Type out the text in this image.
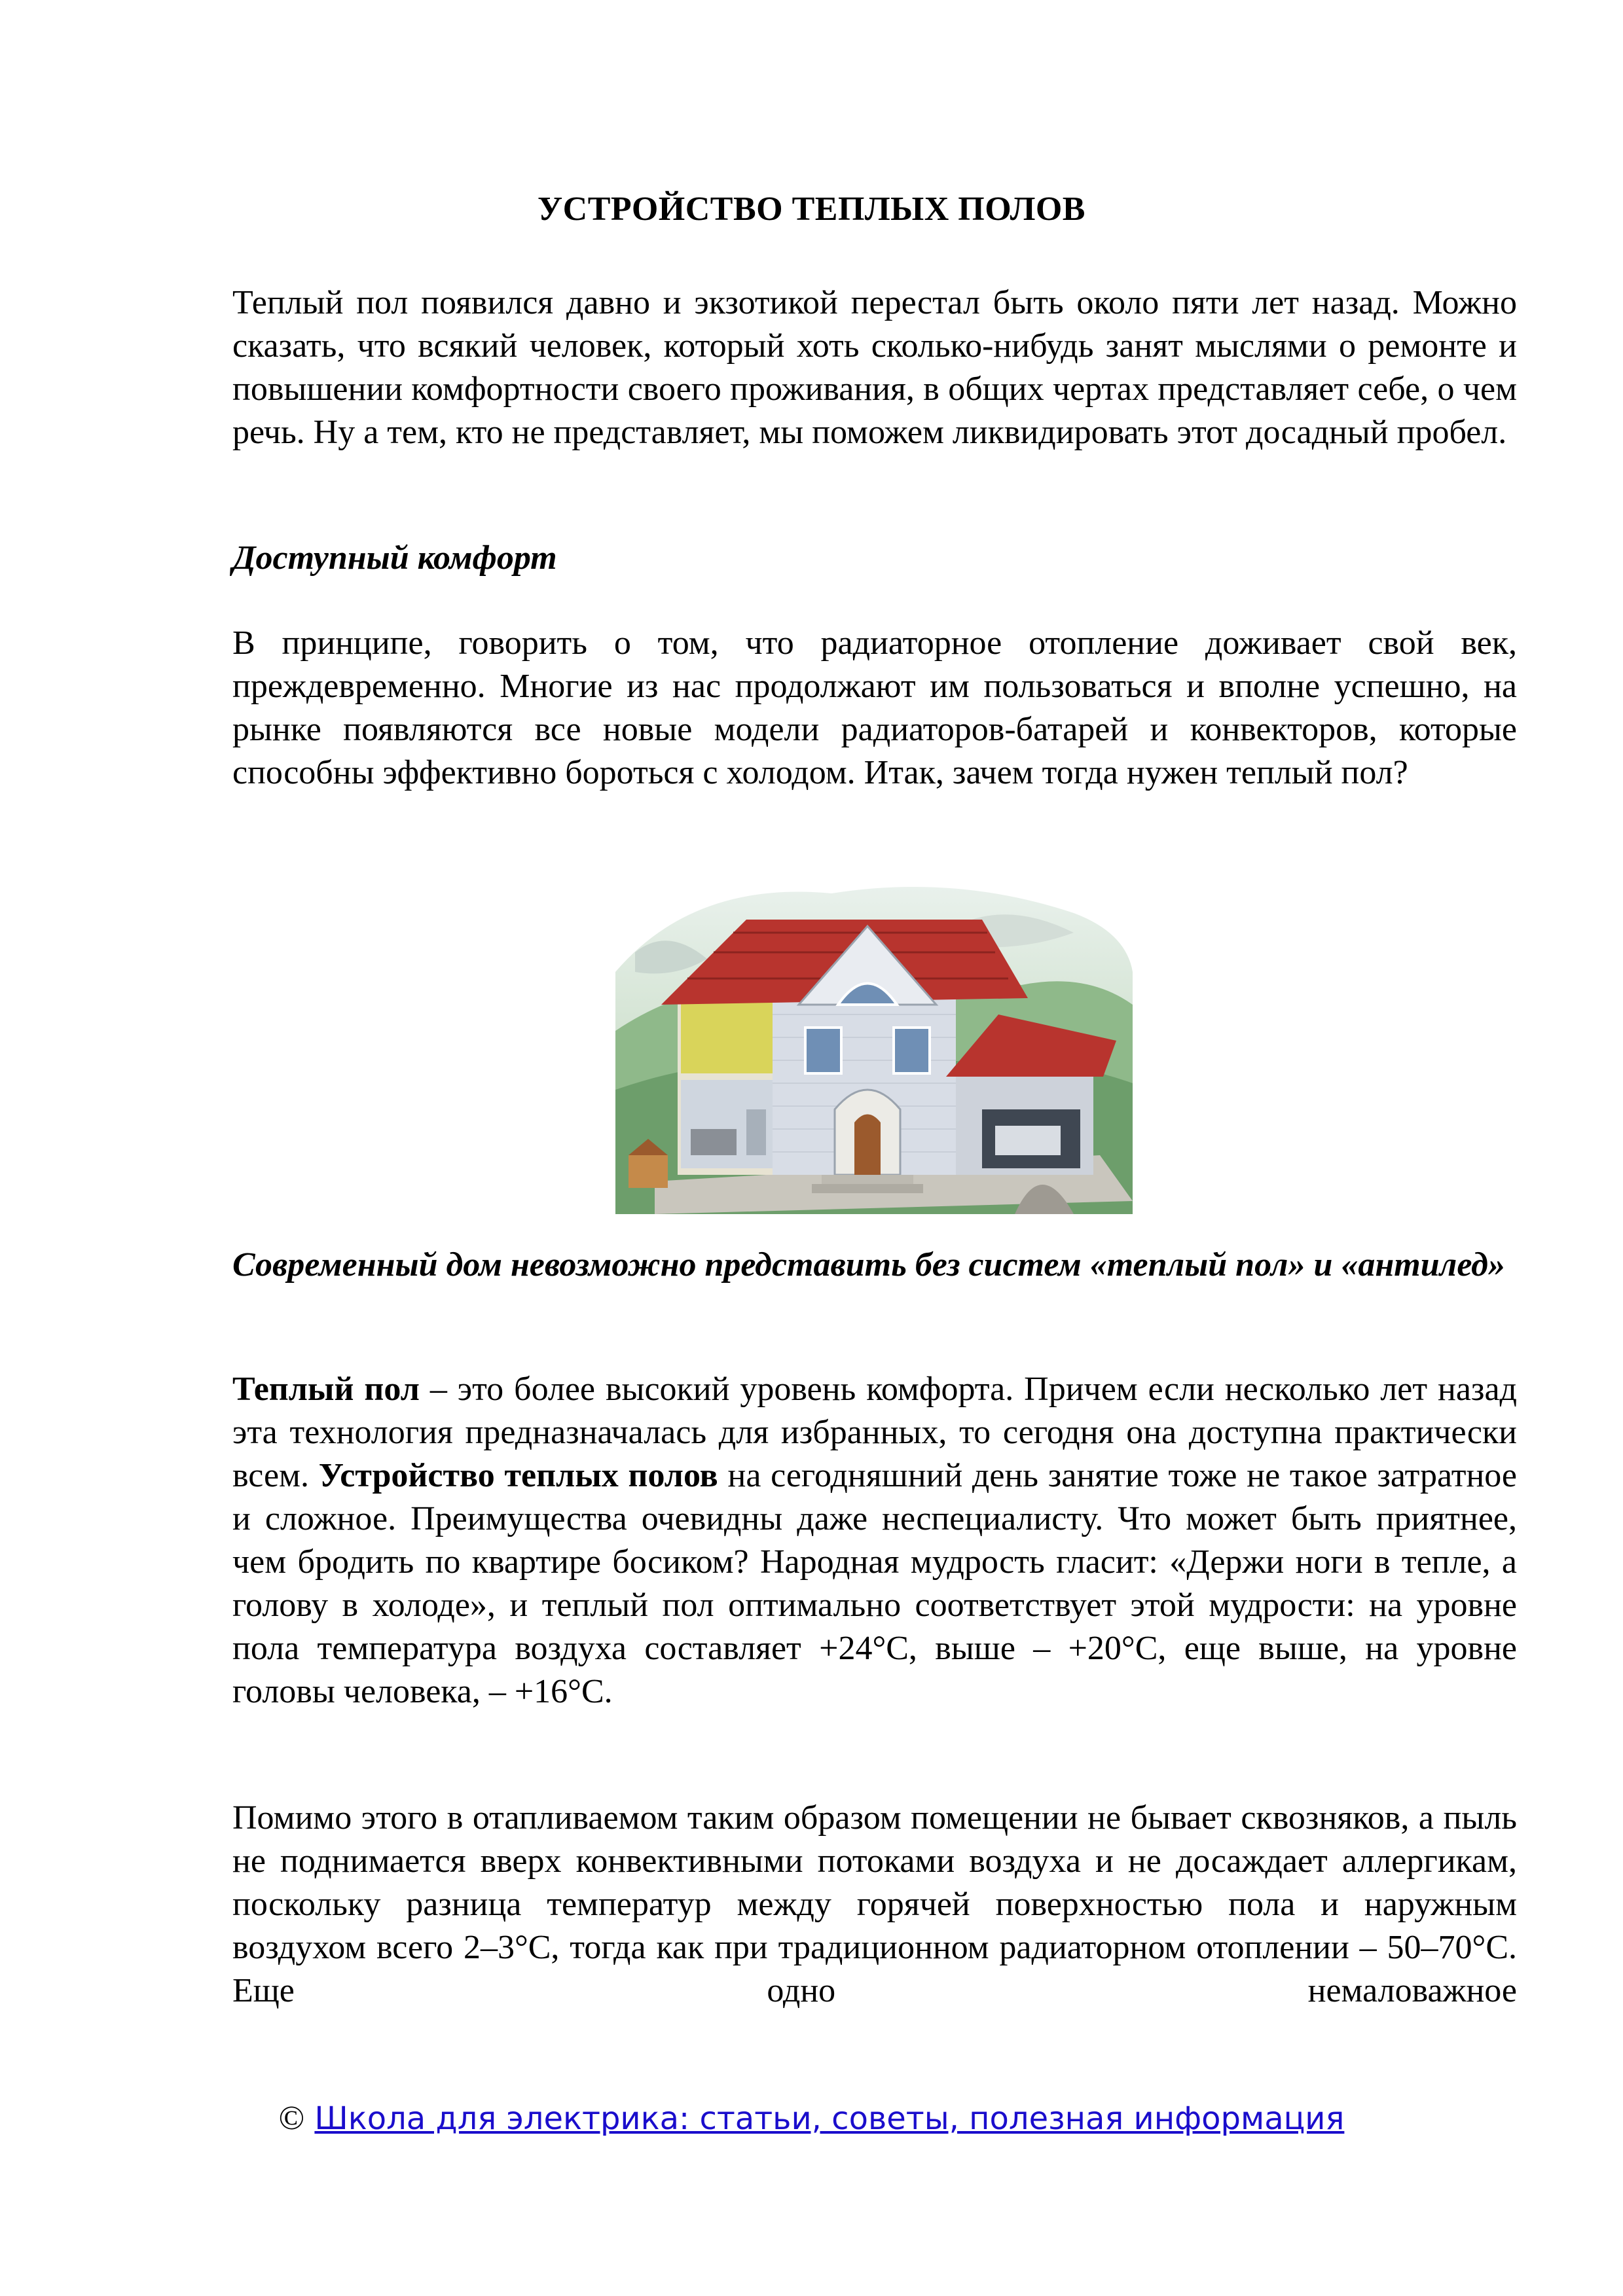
УСТРОЙСТВО ТЕПЛЫХ ПОЛОВ

Теплый пол появился давно и экзотикой перестал быть около пяти лет назад. Можно сказать, что всякий человек, который хоть сколько-нибудь занят мыслями о ремонте и повышении комфортности своего проживания, в общих чертах представляет себе, о чем речь. Ну а тем, кто не представляет, мы поможем ликвидировать этот досадный пробел.

Доступный комфорт

В принципе, говорить о том, что радиаторное отопление доживает свой век, преждевременно. Многие из нас продолжают им пользоваться и вполне успешно, на рынке появляются все новые модели радиаторов-батарей и конвекторов, которые способны эффективно бороться с холодом. Итак, зачем тогда нужен теплый пол?

Современный дом невозможно представить без систем «теплый пол» и «антилед»

Теплый пол – это более высокий уровень комфорта. Причем если несколько лет назад эта технология предназначалась для избранных, то сегодня она доступна практически всем. Устройство теплых полов на сегодняшний день занятие тоже не такое затратное и сложное. Преимущества очевидны даже неспециалисту. Что может быть приятнее, чем бродить по квартире босиком? Народная мудрость гласит: «Держи ноги в тепле, а голову в холоде», и теплый пол оптимально соответствует этой мудрости: на уровне пола температура воздуха составляет +24°С, выше – +20°С, еще выше, на уровне головы человека, – +16°С.

Помимо этого в отапливаемом таким образом помещении не бывает сквозняков, а пыль не поднимается вверх конвективными потоками воздуха и не досаждает аллергикам, поскольку разница температур между горячей поверхностью пола и наружным воздухом всего 2–3°С, тогда как при традиционном радиаторном отоплении – 50–70°С. Еще одно немаловажное

© Школа для электрика: статьи, советы, полезная информация
